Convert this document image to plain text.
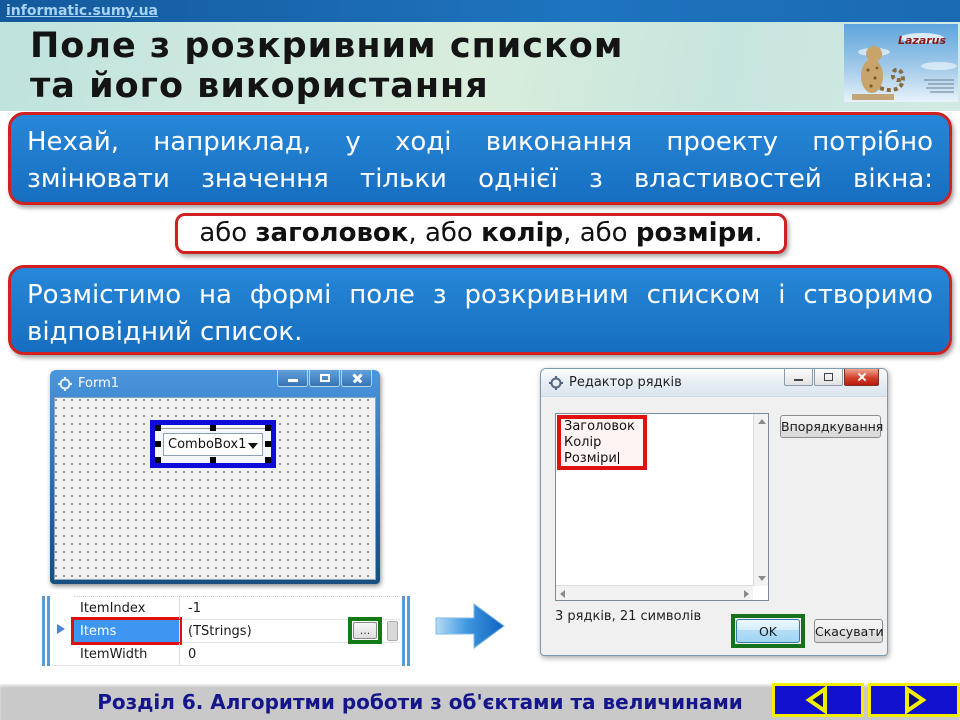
informatic.sumy.ua
Поле з розкривним списком
та його використання
Lazarus
Нехай, наприклад, у ході виконання проекту потрібно
змінювати значення тільки однієї з властивостей вікна:
або заголовок, або колір, або розміри.
Розмістимо на формі поле з розкривним списком і створимо
відповідний список.
Form1
ComboBox1
ItemIndex	-1
Items	(TStrings)	...
ItemWidth	0
Редактор рядків
Заголовок
Колір
Розміри
Впорядкування
3 рядків, 21 символів
OK	Скасувати
Розділ 6. Алгоритми роботи з об'єктами та величинами
